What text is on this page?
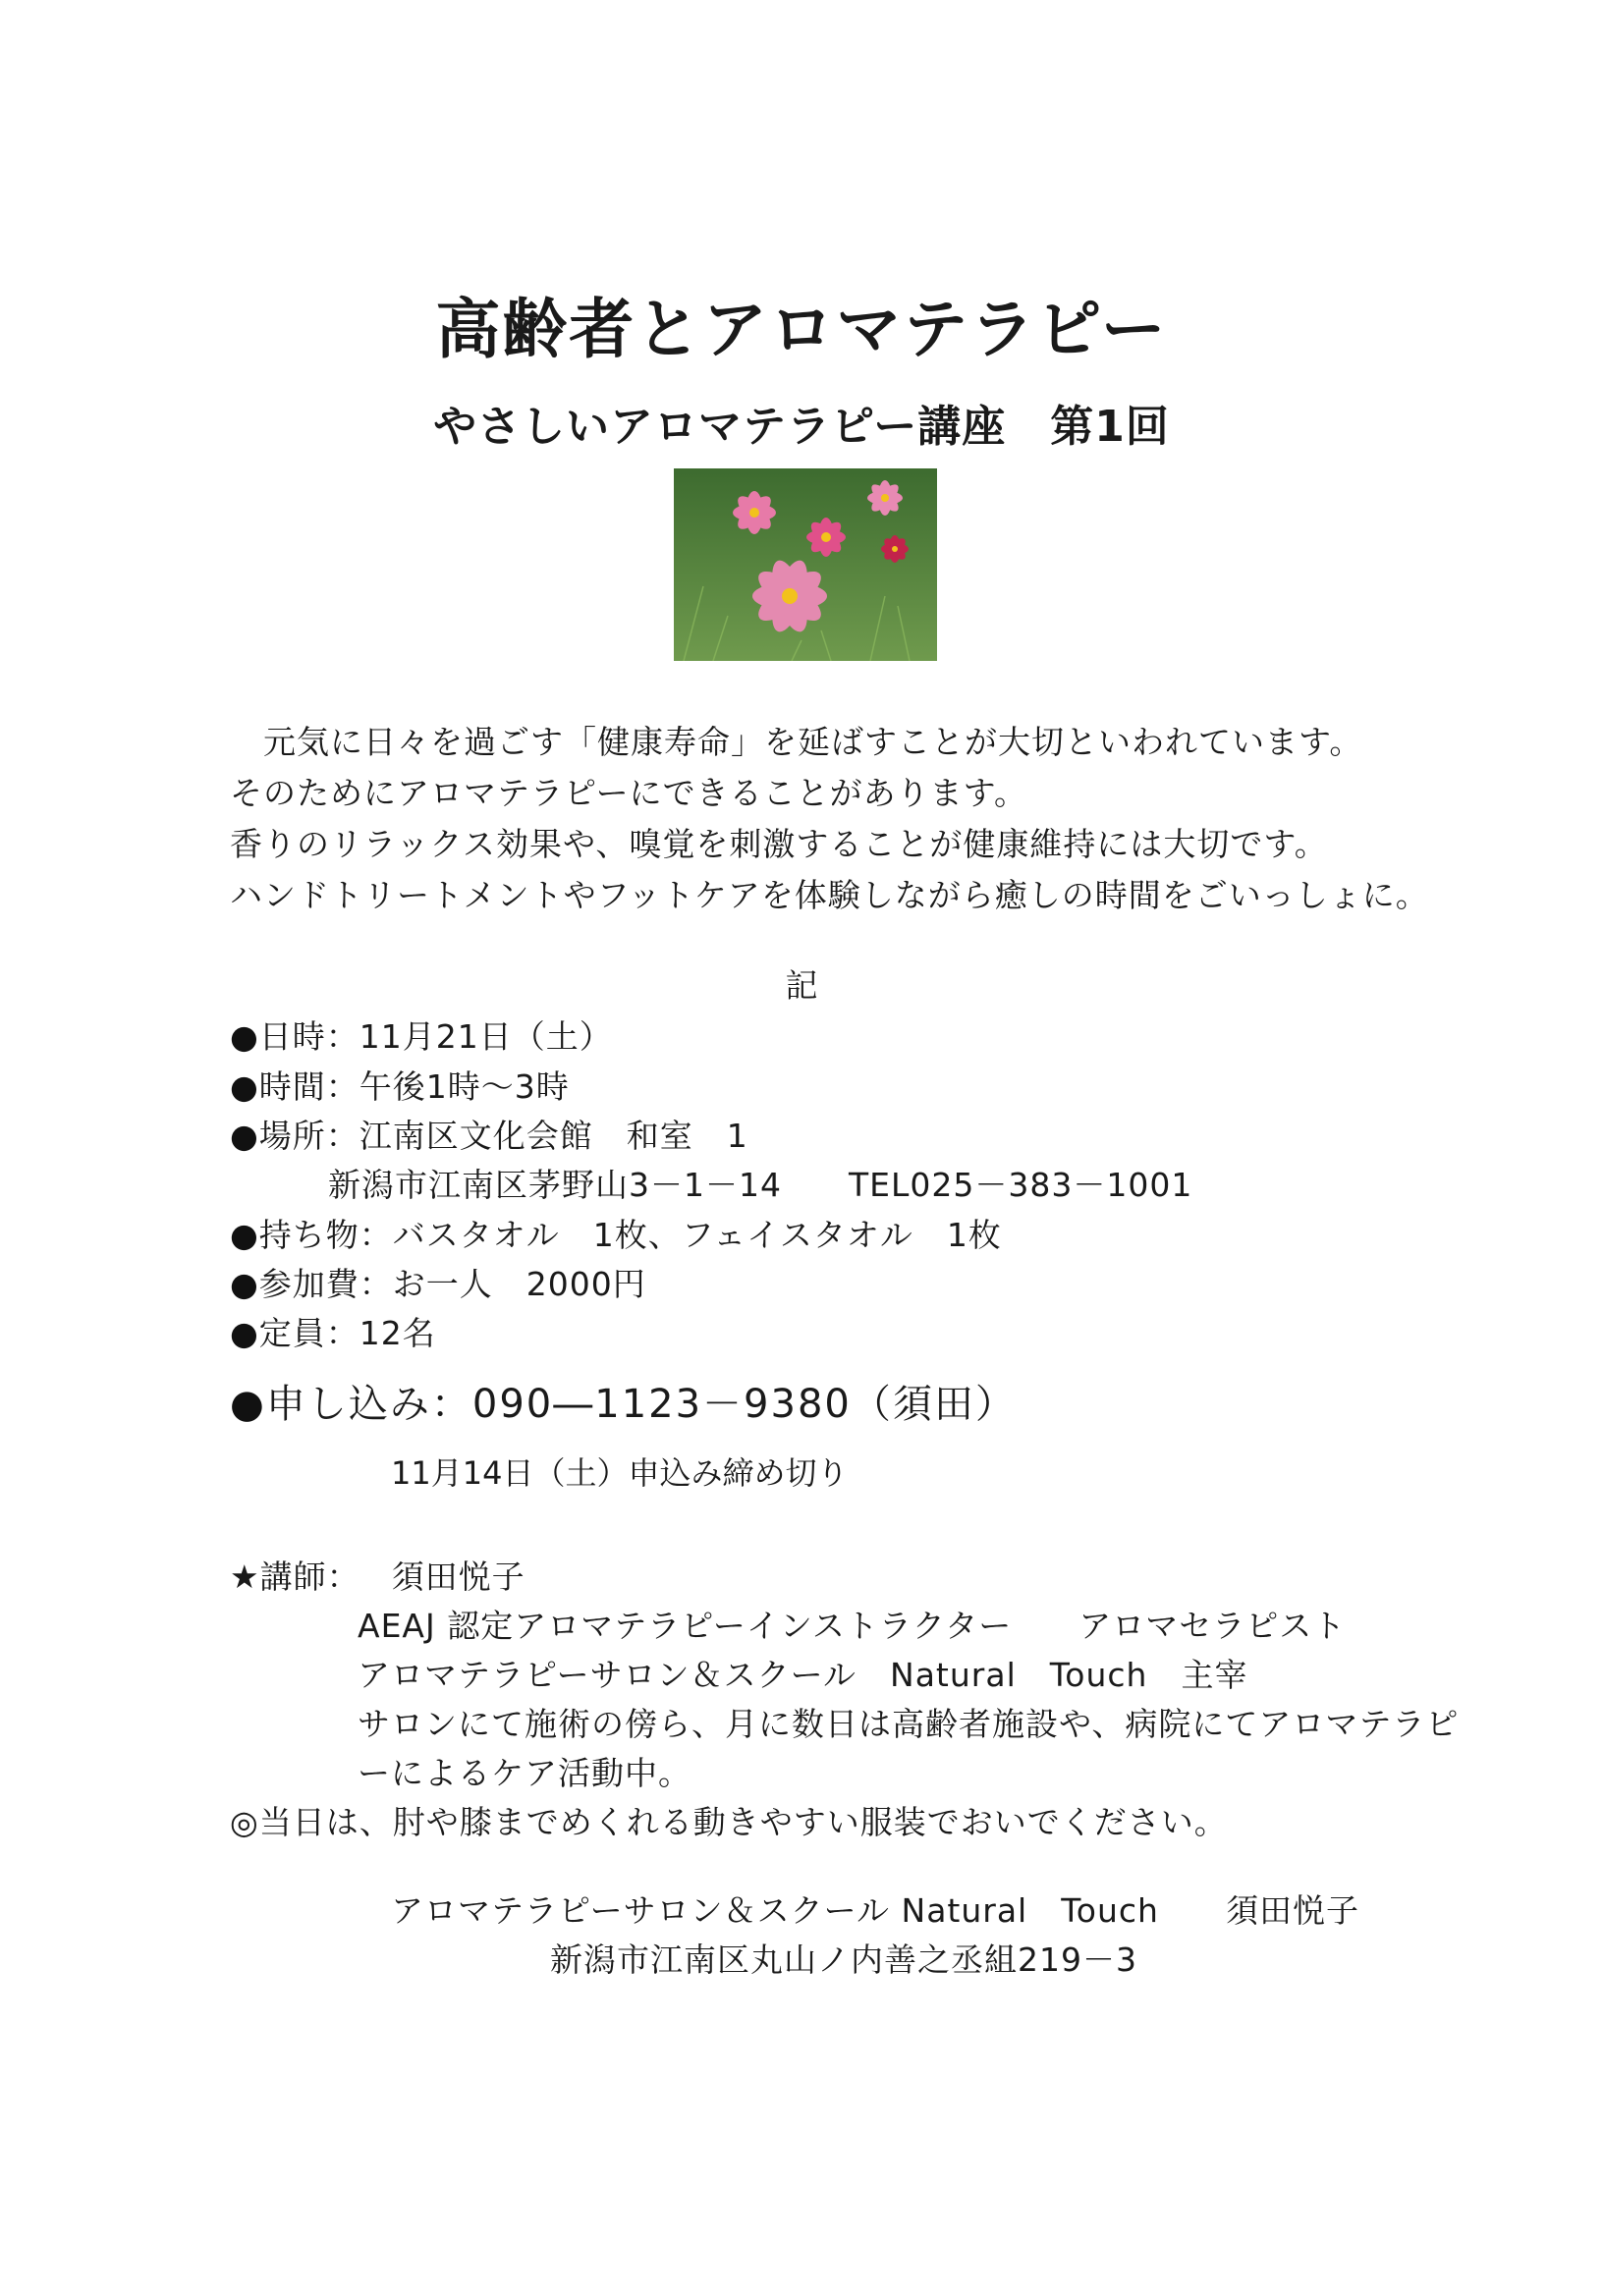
高齢者とアロマテラピー
やさしいアロマテラピー講座　第1回
　元気に日々を過ごす「健康寿命」を延ばすことが大切といわれています。
そのためにアロマテラピーにできることがあります。
香りのリラックス効果や、嗅覚を刺激することが健康維持には大切です。
ハンドトリートメントやフットケアを体験しながら癒しの時間をごいっしょに。
記
●日時：11月21日（土）
●時間：午後1時～3時
●場所：江南区文化会館　和室　1
新潟市江南区茅野山3－1－14　　TEL025－383－1001
●持ち物：バスタオル　1枚、フェイスタオル　1枚
●参加費：お一人　2000円
●定員：12名
●申し込み：090―1123－9380（須田）
11月14日（土）申込み締め切り
★講師： 須田悦子
AEAJ 認定アロマテラピーインストラクター　　アロマセラピスト
アロマテラピーサロン＆スクール　Natural　Touch　主宰
サロンにて施術の傍ら、月に数日は高齢者施設や、病院にてアロマテラピ
ーによるケア活動中。
◎当日は、肘や膝までめくれる動きやすい服装でおいでください。
アロマテラピーサロン＆スクール Natural　Touch　　須田悦子
新潟市江南区丸山ノ内善之丞組219－3
